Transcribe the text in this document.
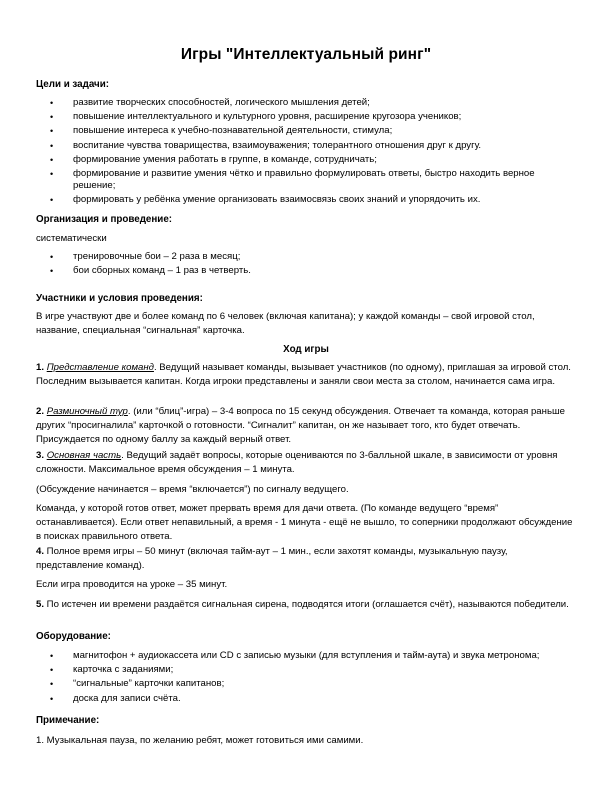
Игры "Интеллектуальный ринг"
Цели и задачи:
• развитие творческих способностей, логического мышления детей;
• повышение интеллектуального и культурного уровня, расширение кругозора учеников;
• повышение интереса к учебно-познавательной деятельности, стимула;
• воспитание чувства товарищества, взаимоуважения; толерантного отношения друг к другу.
• формирование умения работать в группе, в команде, сотрудничать;
• формирование и развитие умения чётко и правильно формулировать ответы, быстро находить верное решение;
• формировать у ребёнка умение организовать взаимосвязь своих знаний и упорядочить их.
Организация и проведение:
систематически
• тренировочные бои – 2 раза в месяц;
• бои сборных команд – 1 раз в четверть.
Участники и условия проведения:
В игре участвуют две и более команд по 6 человек (включая капитана); у каждой команды – свой игровой стол, название, специальная “сигнальная” карточка.
Ход игры
1. Представление команд. Ведущий называет команды, вызывает участников (по одному), приглашая за игровой стол. Последним вызывается капитан. Когда игроки представлены и заняли свои места за столом, начинается сама игра.
2. Разминочный тур. (или “блиц”-игра) – 3-4 вопроса по 15 секунд обсуждения. Отвечает та команда, которая раньше других “просигналила” карточкой о готовности. “Сигналит” капитан, он же называет того, кто будет отвечать. Присуждается по одному баллу за каждый верный ответ.
3. Основная часть. Ведущий задаёт вопросы, которые оцениваются по 3-балльной шкале, в зависимости от уровня сложности. Максимальное время обсуждения – 1 минута.
(Обсуждение начинается – время “включается”) по сигналу ведущего.
Команда, у которой готов ответ, может прервать время для дачи ответа. (По команде ведущего “время” останавливается). Если ответ непавильный, а время - 1 минута - ещё не вышло, то соперники продолжают обсуждение в поисках правильного ответа.
4. Полное время игры – 50 минут (включая тайм-аут – 1 мин., если захотят команды, музыкальную паузу, представление команд).
Если игра проводится на уроке – 35 минут.
5. По истечен ии времени раздаётся сигнальная сирена, подводятся итоги (оглашается счёт), называются победители.
Оборудование:
• магнитофон + аудиокассета или CD с записью музыки (для вступления и тайм-аута) и звука метронома;
• карточка с заданиями;
• “сигнальные” карточки капитанов;
• доска для записи счёта.
Примечание:
1. Музыкальная пауза, по желанию ребят, может готовиться ими самими.
